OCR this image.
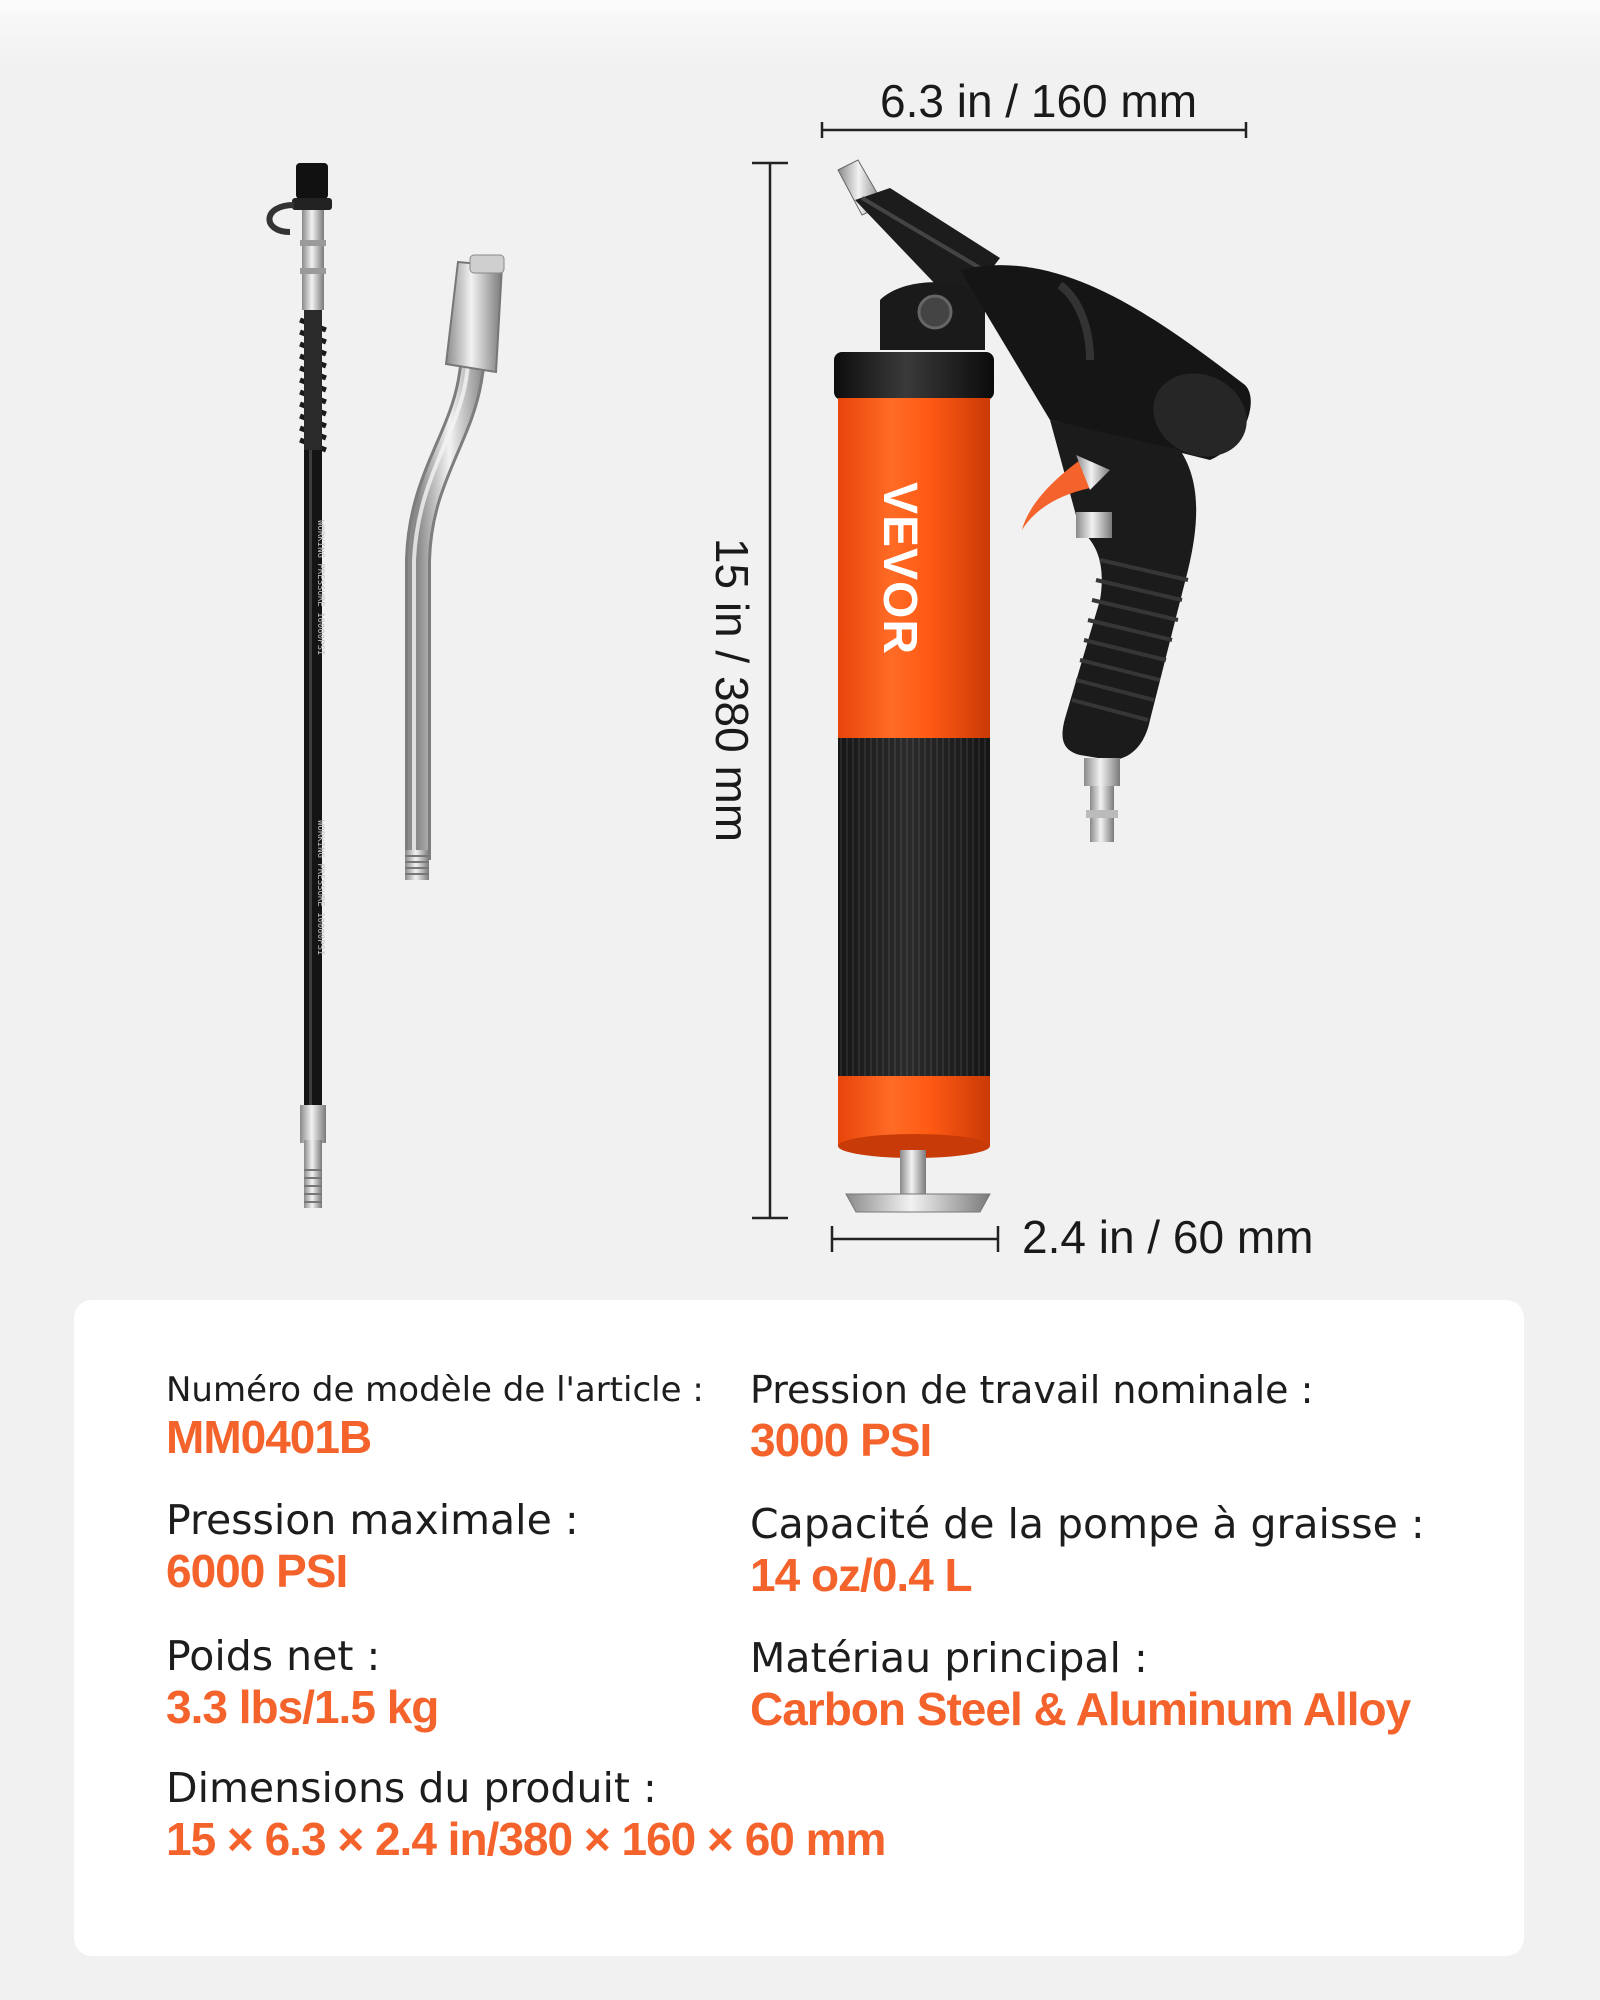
WORKING PRESSURE 10000PSI
WORKING PRESSURE 10000PSI
VEVOR
6.3 in / 160 mm
15 in / 380 mm
2.4 in / 60 mm
Numéro de modèle de l'article :
MM0401B
Pression de travail nominale :
3000 PSI
Pression maximale :
6000 PSI
Capacité de la pompe à graisse :
14 oz/0.4 L
Poids net :
3.3 lbs/1.5 kg
Matériau principal :
Carbon Steel & Aluminum Alloy
Dimensions du produit :
15 × 6.3 × 2.4 in/380 × 160 × 60 mm
